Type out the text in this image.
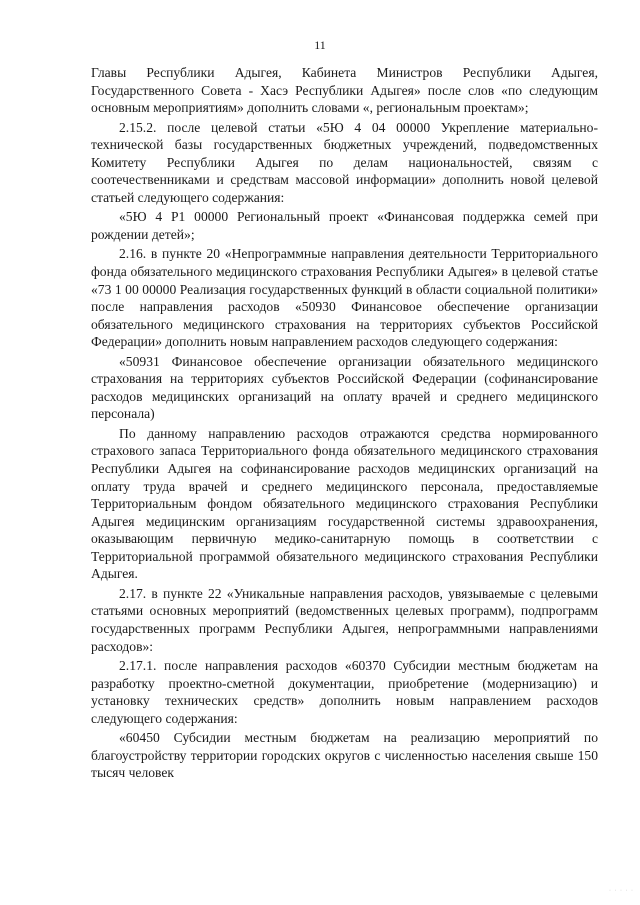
11

Главы Республики Адыгея, Кабинета Министров Республики Адыгея, Государственного Совета - Хасэ Республики Адыгея» после слов «по следующим основным мероприятиям» дополнить словами «, региональным проектам»;

2.15.2. после целевой статьи «5Ю 4 04 00000 Укрепление материально-технической базы государственных бюджетных учреждений, подведомственных Комитету Республики Адыгея по делам национальностей, связям с соотечественниками и средствам массовой информации» дополнить новой целевой статьей следующего содержания:

«5Ю 4 Р1 00000 Региональный проект «Финансовая поддержка семей при рождении детей»;

2.16. в пункте 20 «Непрограммные направления деятельности Территориального фонда обязательного медицинского страхования Республики Адыгея» в целевой статье «73 1 00 00000 Реализация государственных функций в области социальной политики» после направления расходов «50930 Финансовое обеспечение организации обязательного медицинского страхования на территориях субъектов Российской Федерации» дополнить новым направлением расходов следующего содержания:

«50931 Финансовое обеспечение организации обязательного медицинского страхования на территориях субъектов Российской Федерации (софинансирование расходов медицинских организаций на оплату врачей и среднего медицинского персонала)

По данному направлению расходов отражаются средства нормированного страхового запаса Территориального фонда обязательного медицинского страхования Республики Адыгея на софинансирование расходов медицинских организаций на оплату труда врачей и среднего медицинского персонала, предоставляемые Территориальным фондом обязательного медицинского страхования Республики Адыгея медицинским организациям государственной системы здравоохранения, оказывающим первичную медико-санитарную помощь в соответствии с Территориальной программой обязательного медицинского страхования Республики Адыгея.

2.17. в пункте 22 «Уникальные направления расходов, увязываемые с целевыми статьями основных мероприятий (ведомственных целевых программ), подпрограмм государственных программ Республики Адыгея, непрограммными направлениями расходов»:

2.17.1. после направления расходов «60370 Субсидии местным бюджетам на разработку проектно-сметной документации, приобретение (модернизацию) и установку технических средств» дополнить новым направлением расходов следующего содержания:

«60450 Субсидии местным бюджетам на реализацию мероприятий по благоустройству территории городских округов с численностью населения свыше 150 тысяч человек

· · · · ·
